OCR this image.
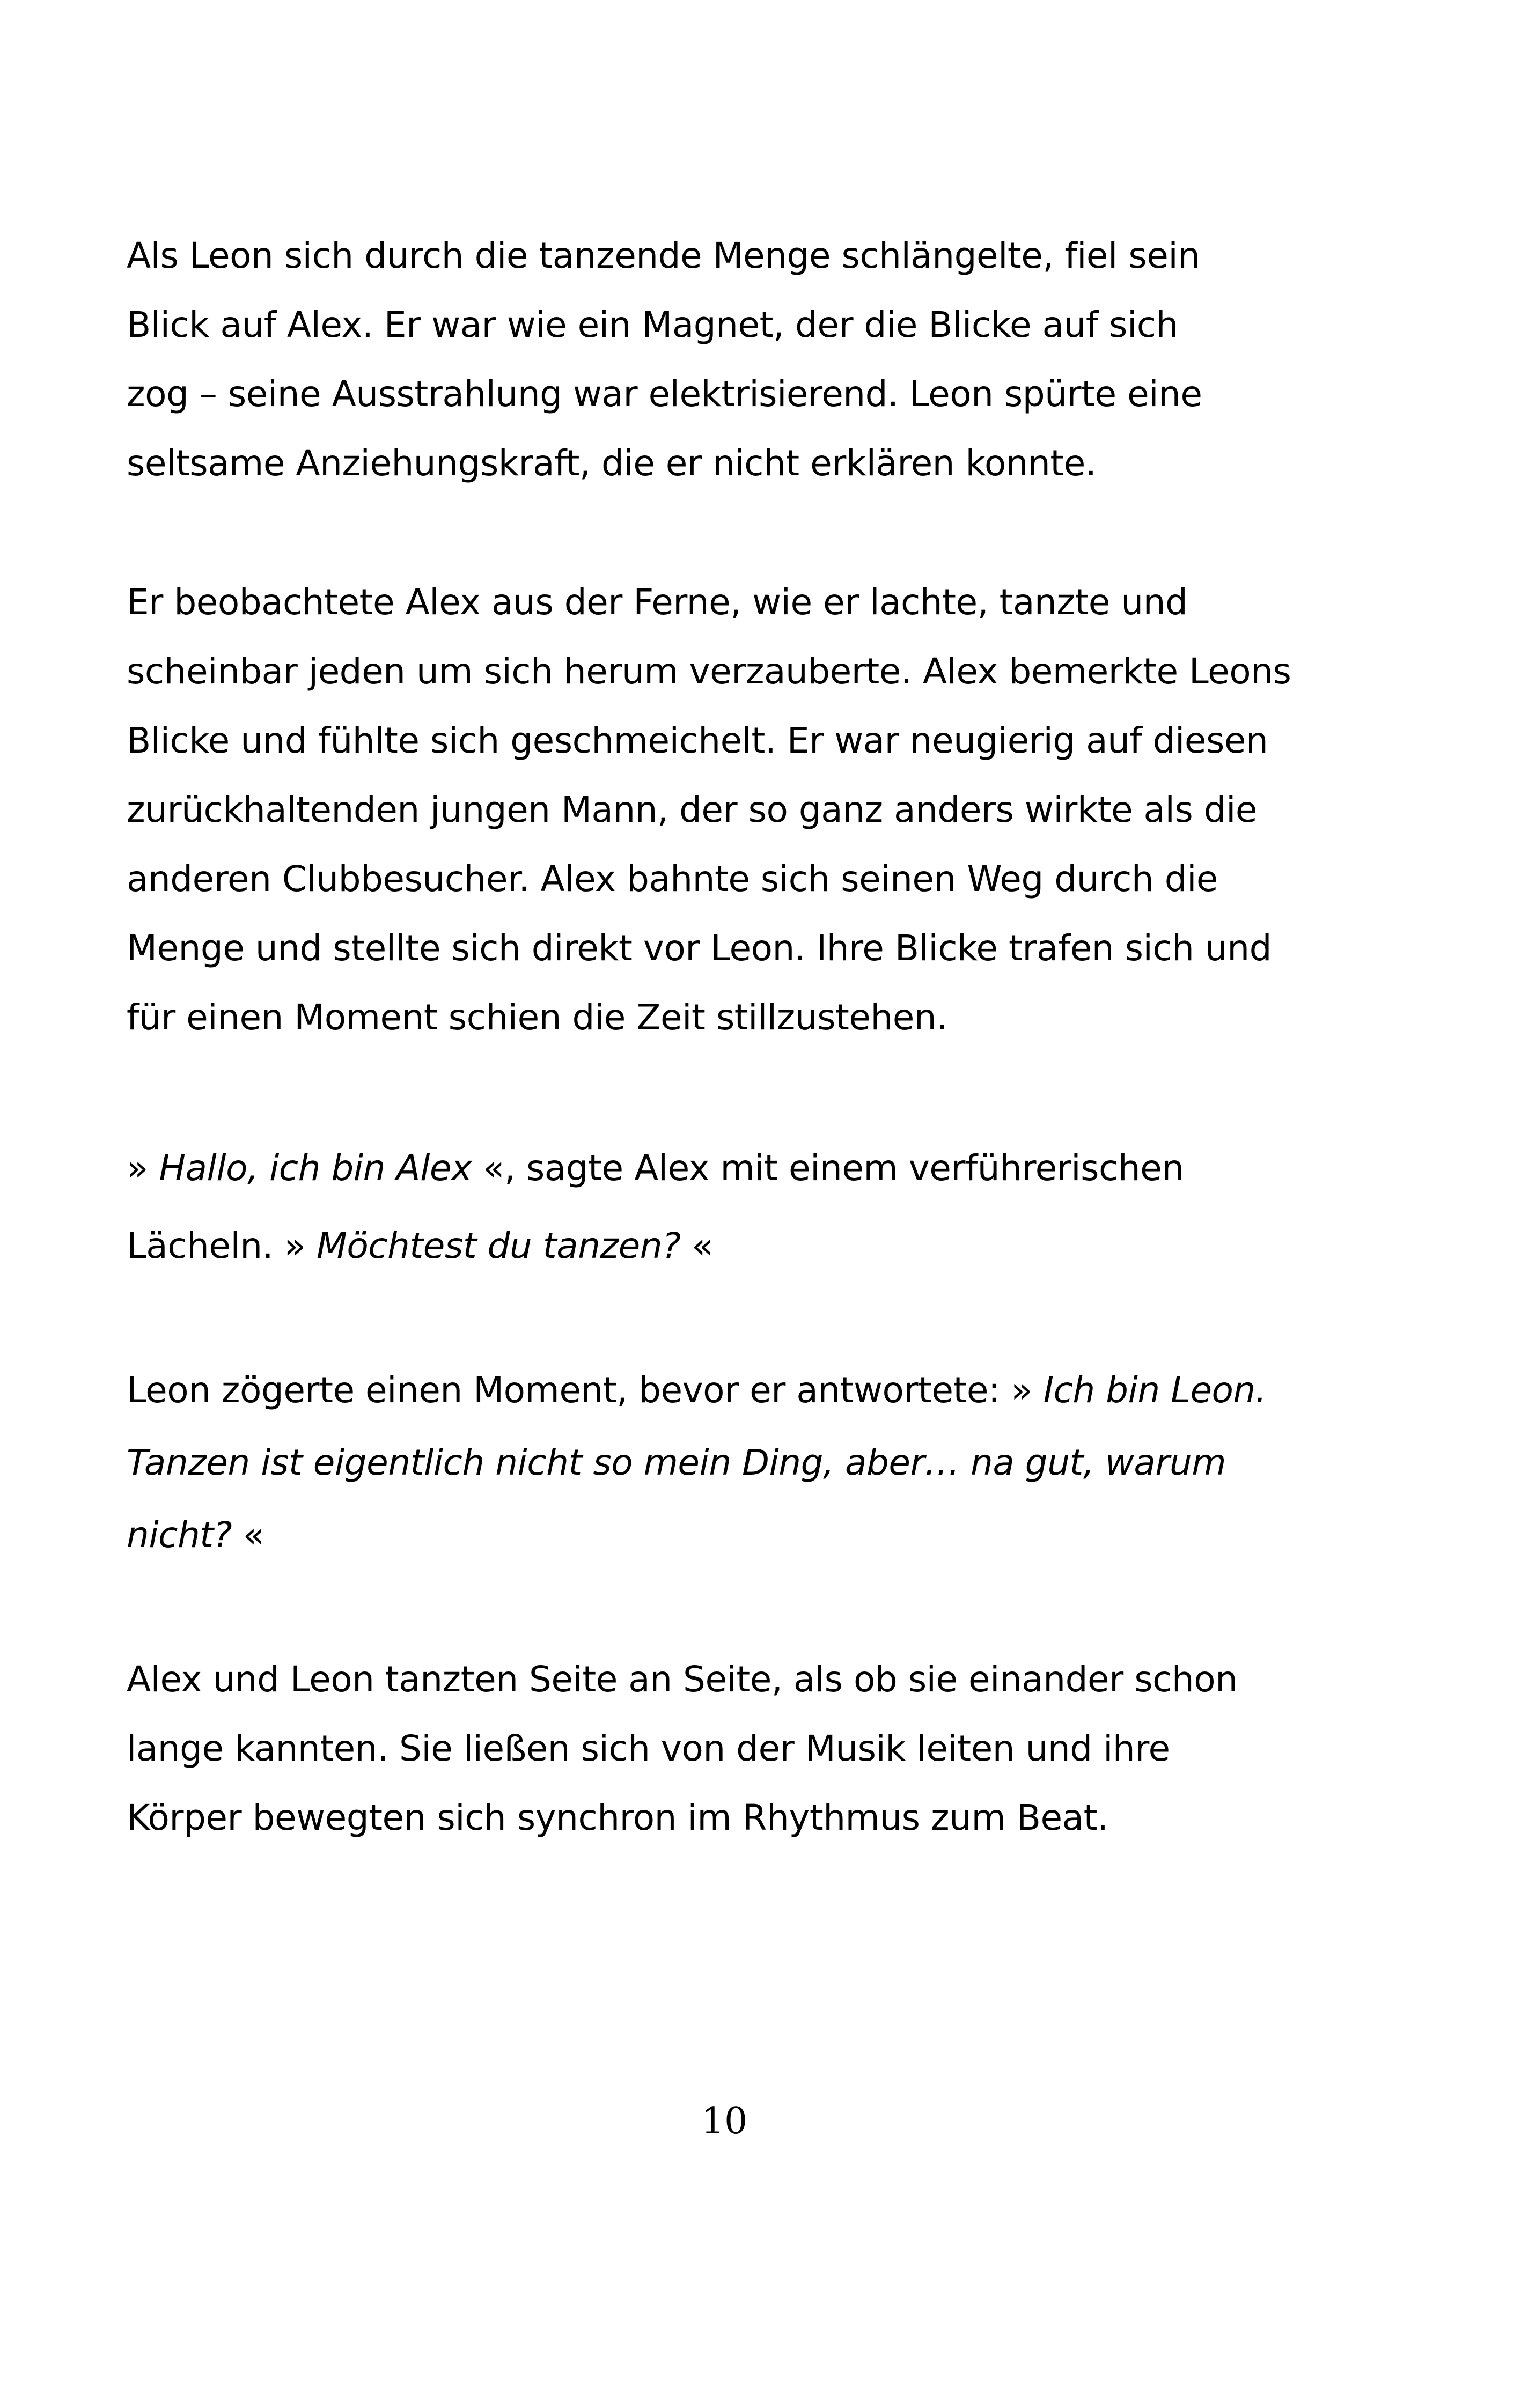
Als Leon sich durch die tanzende Menge schlängelte, fiel sein
Blick auf Alex. Er war wie ein Magnet, der die Blicke auf sich
zog – seine Ausstrahlung war elektrisierend. Leon spürte eine
seltsame Anziehungskraft, die er nicht erklären konnte.
Er beobachtete Alex aus der Ferne, wie er lachte, tanzte und
scheinbar jeden um sich herum verzauberte. Alex bemerkte Leons
Blicke und fühlte sich geschmeichelt. Er war neugierig auf diesen
zurückhaltenden jungen Mann, der so ganz anders wirkte als die
anderen Clubbesucher. Alex bahnte sich seinen Weg durch die
Menge und stellte sich direkt vor Leon. Ihre Blicke trafen sich und
für einen Moment schien die Zeit stillzustehen.
» Hallo, ich bin Alex «, sagte Alex mit einem verführerischen
Lächeln. » Möchtest du tanzen? «
Leon zögerte einen Moment, bevor er antwortete: » Ich bin Leon.
Tanzen ist eigentlich nicht so mein Ding, aber… na gut, warum
nicht? «
Alex und Leon tanzten Seite an Seite, als ob sie einander schon
lange kannten. Sie ließen sich von der Musik leiten und ihre
Körper bewegten sich synchron im Rhythmus zum Beat.
10
